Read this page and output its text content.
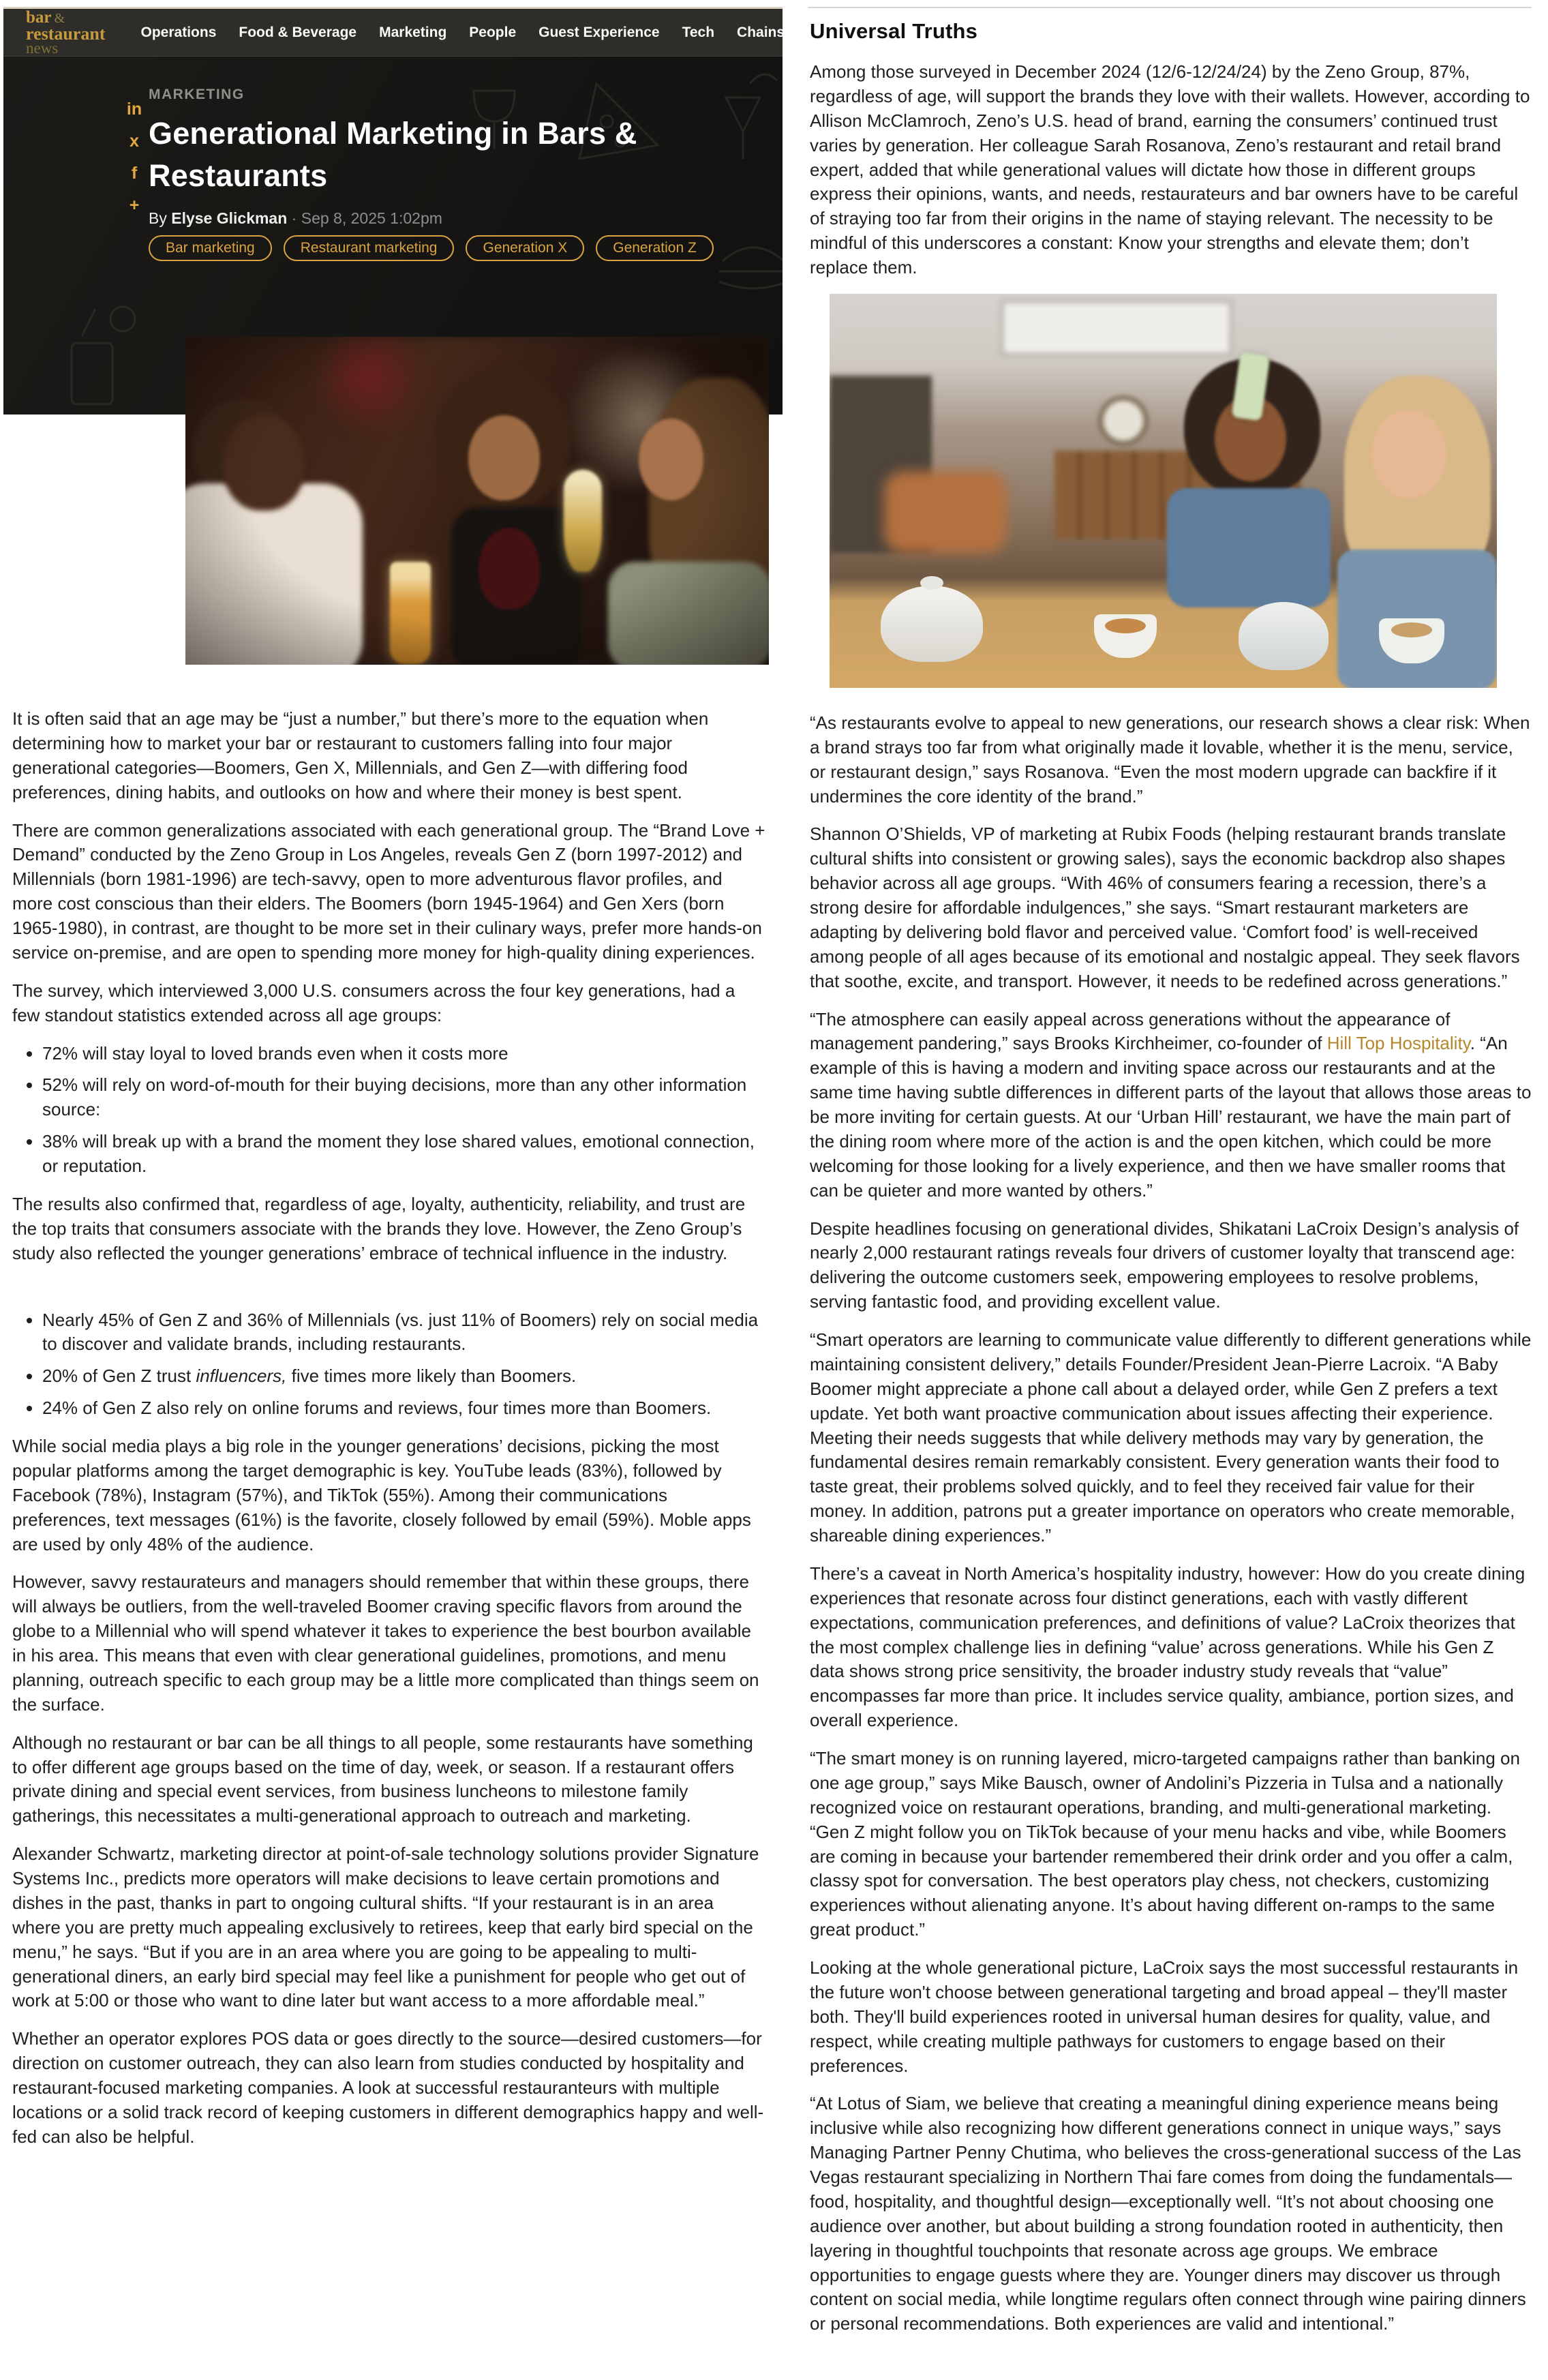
bar &
restaurant
news
Operations Food & Beverage Marketing People Guest Experience Tech Chains
in
x
f
+
MARKETING
Generational Marketing in Bars & Restaurants
By Elyse Glickman · Sep 8, 2025 1:02pm
Bar marketing	Restaurant marketing	Generation X	Generation Z

It is often said that an age may be “just a number,” but there’s more to the equation when determining how to market your bar or restaurant to customers falling into four major generational categories—Boomers, Gen X, Millennials, and Gen Z—with differing food preferences, dining habits, and outlooks on how and where their money is best spent.

There are common generalizations associated with each generational group. The “Brand Love + Demand” conducted by the Zeno Group in Los Angeles, reveals Gen Z (born 1997-2012) and Millennials (born 1981-1996) are tech-savvy, open to more adventurous flavor profiles, and more cost conscious than their elders. The Boomers (born 1945-1964) and Gen Xers (born 1965-1980), in contrast, are thought to be more set in their culinary ways, prefer more hands-on service on-premise, and are open to spending more money for high-quality dining experiences.

The survey, which interviewed 3,000 U.S. consumers across the four key generations, had a few standout statistics extended across all age groups:

• 72% will stay loyal to loved brands even when it costs more
• 52% will rely on word-of-mouth for their buying decisions, more than any other information source:
• 38% will break up with a brand the moment they lose shared values, emotional connection, or reputation.

The results also confirmed that, regardless of age, loyalty, authenticity, reliability, and trust are the top traits that consumers associate with the brands they love. However, the Zeno Group’s study also reflected the younger generations’ embrace of technical influence in the industry.

• Nearly 45% of Gen Z and 36% of Millennials (vs. just 11% of Boomers) rely on social media to discover and validate brands, including restaurants.
• 20% of Gen Z trust influencers, five times more likely than Boomers.
• 24% of Gen Z also rely on online forums and reviews, four times more than Boomers.

While social media plays a big role in the younger generations’ decisions, picking the most popular platforms among the target demographic is key. YouTube leads (83%), followed by Facebook (78%), Instagram (57%), and TikTok (55%). Among their communications preferences, text messages (61%) is the favorite, closely followed by email (59%). Moble apps are used by only 48% of the audience.

However, savvy restaurateurs and managers should remember that within these groups, there will always be outliers, from the well-traveled Boomer craving specific flavors from around the globe to a Millennial who will spend whatever it takes to experience the best bourbon available in his area. This means that even with clear generational guidelines, promotions, and menu planning, outreach specific to each group may be a little more complicated than things seem on the surface.

Although no restaurant or bar can be all things to all people, some restaurants have something to offer different age groups based on the time of day, week, or season. If a restaurant offers private dining and special event services, from business luncheons to milestone family gatherings, this necessitates a multi-generational approach to outreach and marketing.

Alexander Schwartz, marketing director at point-of-sale technology solutions provider Signature Systems Inc., predicts more operators will make decisions to leave certain promotions and dishes in the past, thanks in part to ongoing cultural shifts. “If your restaurant is in an area where you are pretty much appealing exclusively to retirees, keep that early bird special on the menu,” he says. “But if you are in an area where you are going to be appealing to multi-generational diners, an early bird special may feel like a punishment for people who get out of work at 5:00 or those who want to dine later but want access to a more affordable meal.”

Whether an operator explores POS data or goes directly to the source—desired customers—for direction on customer outreach, they can also learn from studies conducted by hospitality and restaurant-focused marketing companies. A look at successful restauranteurs with multiple locations or a solid track record of keeping customers in different demographics happy and well-fed can also be helpful.

Universal Truths

Among those surveyed in December 2024 (12/6-12/24/24) by the Zeno Group, 87%, regardless of age, will support the brands they love with their wallets. However, according to Allison McClamroch, Zeno’s U.S. head of brand, earning the consumers’ continued trust varies by generation. Her colleague Sarah Rosanova, Zeno’s restaurant and retail brand expert, added that while generational values will dictate how those in different groups express their opinions, wants, and needs, restaurateurs and bar owners have to be careful of straying too far from their origins in the name of staying relevant. The necessity to be mindful of this underscores a constant: Know your strengths and elevate them; don’t replace them.

“As restaurants evolve to appeal to new generations, our research shows a clear risk: When a brand strays too far from what originally made it lovable, whether it is the menu, service, or restaurant design,” says Rosanova. “Even the most modern upgrade can backfire if it undermines the core identity of the brand.”

Shannon O’Shields, VP of marketing at Rubix Foods (helping restaurant brands translate cultural shifts into consistent or growing sales), says the economic backdrop also shapes behavior across all age groups. “With 46% of consumers fearing a recession, there’s a strong desire for affordable indulgences,” she says. “Smart restaurant marketers are adapting by delivering bold flavor and perceived value. ‘Comfort food’ is well-received among people of all ages because of its emotional and nostalgic appeal. They seek flavors that soothe, excite, and transport. However, it needs to be redefined across generations.”

“The atmosphere can easily appeal across generations without the appearance of management pandering,” says Brooks Kirchheimer, co-founder of Hill Top Hospitality. “An example of this is having a modern and inviting space across our restaurants and at the same time having subtle differences in different parts of the layout that allows those areas to be more inviting for certain guests. At our ‘Urban Hill’ restaurant, we have the main part of the dining room where more of the action is and the open kitchen, which could be more welcoming for those looking for a lively experience, and then we have smaller rooms that can be quieter and more wanted by others.”

Despite headlines focusing on generational divides, Shikatani LaCroix Design’s analysis of nearly 2,000 restaurant ratings reveals four drivers of customer loyalty that transcend age: delivering the outcome customers seek, empowering employees to resolve problems, serving fantastic food, and providing excellent value.

“Smart operators are learning to communicate value differently to different generations while maintaining consistent delivery,” details Founder/President Jean-Pierre Lacroix. “A Baby Boomer might appreciate a phone call about a delayed order, while Gen Z prefers a text update. Yet both want proactive communication about issues affecting their experience. Meeting their needs suggests that while delivery methods may vary by generation, the fundamental desires remain remarkably consistent. Every generation wants their food to taste great, their problems solved quickly, and to feel they received fair value for their money. In addition, patrons put a greater importance on operators who create memorable, shareable dining experiences.”

There’s a caveat in North America’s hospitality industry, however: How do you create dining experiences that resonate across four distinct generations, each with vastly different expectations, communication preferences, and definitions of value? LaCroix theorizes that the most complex challenge lies in defining “value’ across generations. While his Gen Z data shows strong price sensitivity, the broader industry study reveals that “value” encompasses far more than price. It includes service quality, ambiance, portion sizes, and overall experience.

“The smart money is on running layered, micro-targeted campaigns rather than banking on one age group,” says Mike Bausch, owner of Andolini’s Pizzeria in Tulsa and a nationally recognized voice on restaurant operations, branding, and multi-generational marketing. “Gen Z might follow you on TikTok because of your menu hacks and vibe, while Boomers are coming in because your bartender remembered their drink order and you offer a calm, classy spot for conversation. The best operators play chess, not checkers, customizing experiences without alienating anyone. It’s about having different on-ramps to the same great product.”

Looking at the whole generational picture, LaCroix says the most successful restaurants in the future won't choose between generational targeting and broad appeal – they'll master both. They'll build experiences rooted in universal human desires for quality, value, and respect, while creating multiple pathways for customers to engage based on their preferences.

“At Lotus of Siam, we believe that creating a meaningful dining experience means being inclusive while also recognizing how different generations connect in unique ways,” says Managing Partner Penny Chutima, who believes the cross-generational success of the Las Vegas restaurant specializing in Northern Thai fare comes from doing the fundamentals—food, hospitality, and thoughtful design—exceptionally well. “It’s not about choosing one audience over another, but about building a strong foundation rooted in authenticity, then layering in thoughtful touchpoints that resonate across age groups. We embrace opportunities to engage guests where they are. Younger diners may discover us through content on social media, while longtime regulars often connect through wine pairing dinners or personal recommendations. Both experiences are valid and intentional.”
